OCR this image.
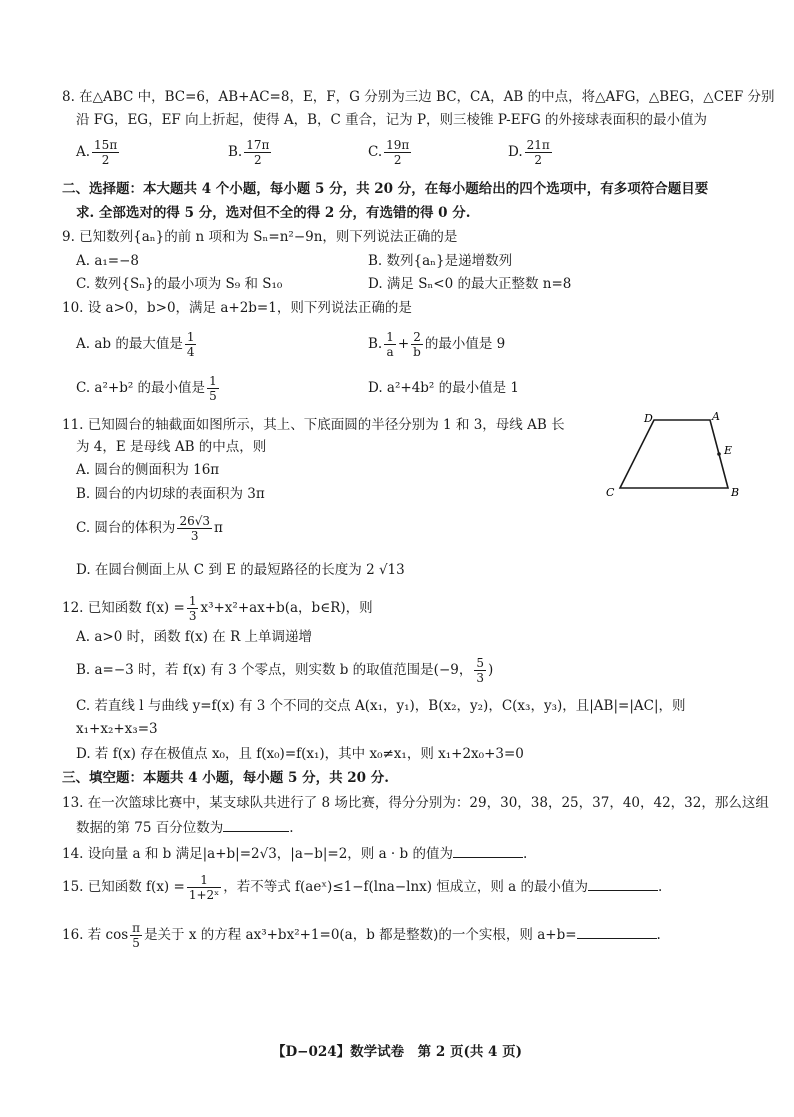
8. 在△ABC 中，BC=6，AB+AC=8，E，F，G 分别为三边 BC，CA，AB 的中点，将△AFG，△BEG，△CEF 分别
沿 FG，EG，EF 向上折起，使得 A，B，C 重合，记为 P，则三棱锥 P-EFG 的外接球表面积的最小值为
A. $\frac{15\pi}{2}$	B. $\frac{17\pi}{2}$	C. $\frac{19\pi}{2}$	D. $\frac{21\pi}{2}$
二、选择题：本大题共 4 个小题，每小题 5 分，共 20 分，在每小题给出的四个选项中，有多项符合题目要
求. 全部选对的得 5 分，选对但不全的得 2 分，有选错的得 0 分.
9. 已知数列{aₙ}的前 n 项和为 Sₙ=n²−9n，则下列说法正确的是
A. a₁=−8	B. 数列{aₙ}是递增数列
C. 数列{Sₙ}的最小项为 S₉ 和 S₁₀	D. 满足 Sₙ<0 的最大正整数 n=8
10. 设 a>0，b>0，满足 a+2b=1，则下列说法正确的是
A. ab 的最大值是 $\frac{1}{4}$	B. $\frac{1}{a} + \frac{2}{b}$ 的最小值是 9
C. a²+b² 的最小值是 $\frac{1}{5}$	D. a²+4b² 的最小值是 1
11. 已知圆台的轴截面如图所示，其上、下底面圆的半径分别为 1 和 3，母线 AB 长
为 4，E 是母线 AB 的中点，则
A. 圆台的侧面积为 16π
B. 圆台的内切球的表面积为 3π
C. 圆台的体积为 $\frac{26√3}{3}$ π
D. 在圆台侧面上从 C 到 E 的最短路径的长度为 2 √13
D	A
E
C	B
12. 已知函数 $f(x) = \frac{1}{3} x^3+x^2+ax+b(a$，b∈R)，则
A. a>0 时，函数 f(x) 在 R 上单调递增
B. a=−3 时，若 f(x) 有 3 个零点，则实数 b 的取值范围是(−9， $\frac{5}{3}$ )
C. 若直线 l 与曲线 y=f(x) 有 3 个不同的交点 A(x₁，y₁)，B(x₂，y₂)，C(x₃，y₃)，且|AB|=|AC|，则
x₁+x₂+x₃=3
D. 若 f(x) 存在极值点 x₀，且 f(x₀)=f(x₁)，其中 x₀≠x₁，则 x₁+2x₀+3=0
三、填空题：本题共 4 小题，每小题 5 分，共 20 分.
13. 在一次篮球比赛中，某支球队共进行了 8 场比赛，得分分别为：29，30，38，25，37，40，42，32，那么这组
数据的第 75 百分位数为	.
14. 设向量 a 和 b 满足|a+b|=2√3，|a−b|=2，则 a · b 的值为	.
15. 已知函数 $f(x) = \frac{1}{\text{1+2ˣ}}$ ，若不等式 f(aeˣ)≤1−f(lna−lnx) 恒成立，则 a 的最小值为	.
16. 若 $\cos \frac{\pi}{5}$ 是关于 x 的方程 ax³+bx²+1=0(a，b 都是整数)的一个实根，则 a+b=	.
【D−024】数学试卷　第 2 页(共 4 页)
